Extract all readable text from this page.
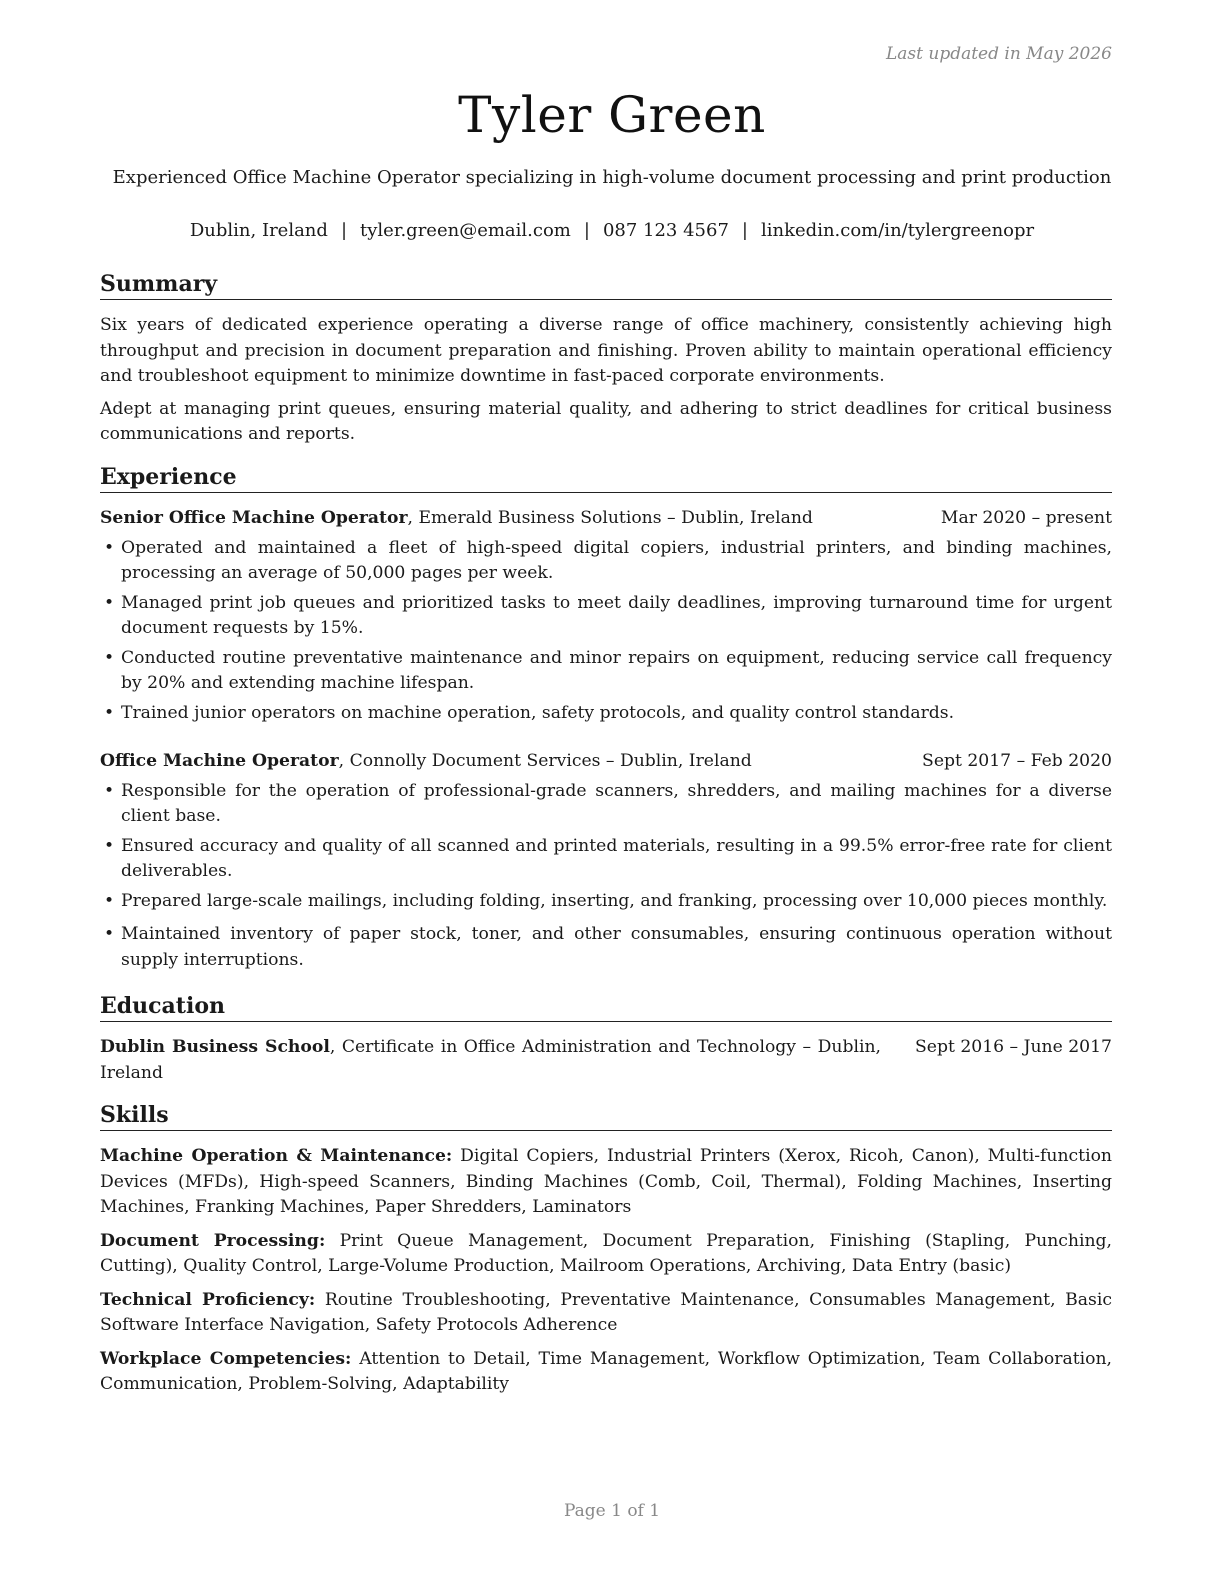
Last updated in May 2026
Tyler Green

Experienced Office Machine Operator specializing in high-volume document processing and print production

Dublin, Ireland | tyler.green@email.com | 087 123 4567 | linkedin.com/in/tylergreenopr
Summary

Six years of dedicated experience operating a diverse range of office machinery, consistently achieving high throughput and precision in document preparation and finishing. Proven ability to maintain operational efficiency and troubleshoot equipment to minimize downtime in fast-paced corporate environments.

Adept at managing print queues, ensuring material quality, and adhering to strict deadlines for critical business communications and reports.

Experience
Senior Office Machine Operator, Emerald Business Solutions – Dublin, Ireland	Mar 2020 – present
• Operated and maintained a fleet of high-speed digital copiers, industrial printers, and binding machines, processing an average of 50,000 pages per week.
• Managed print job queues and prioritized tasks to meet daily deadlines, improving turnaround time for urgent document requests by 15%.
• Conducted routine preventative maintenance and minor repairs on equipment, reducing service call frequency by 20% and extending machine lifespan.
• Trained junior operators on machine operation, safety protocols, and quality control standards.
Office Machine Operator, Connolly Document Services – Dublin, Ireland	Sept 2017 – Feb 2020
• Responsible for the operation of professional-grade scanners, shredders, and mailing machines for a diverse client base.
• Ensured accuracy and quality of all scanned and printed materials, resulting in a 99.5% error-free rate for client deliverables.
• Prepared large-scale mailings, including folding, inserting, and franking, processing over 10,000 pieces monthly.
• Maintained inventory of paper stock, toner, and other consumables, ensuring continuous operation without supply interruptions.
Education
Dublin Business School, Certificate in Office Administration and Technology – Dublin, Ireland
Sept 2016 – June 2017
Skills

Machine Operation & Maintenance: Digital Copiers, Industrial Printers (Xerox, Ricoh, Canon), Multi-function Devices (MFDs), High-speed Scanners, Binding Machines (Comb, Coil, Thermal), Folding Machines, Inserting Machines, Franking Machines, Paper Shredders, Laminators

Document Processing: Print Queue Management, Document Preparation, Finishing (Stapling, Punching, Cutting), Quality Control, Large-Volume Production, Mailroom Operations, Archiving, Data Entry (basic)

Technical Proficiency: Routine Troubleshooting, Preventative Maintenance, Consumables Management, Basic Software Interface Navigation, Safety Protocols Adherence

Workplace Competencies: Attention to Detail, Time Management, Workflow Optimization, Team Collaboration, Communication, Problem-Solving, Adaptability

Page 1 of 1
